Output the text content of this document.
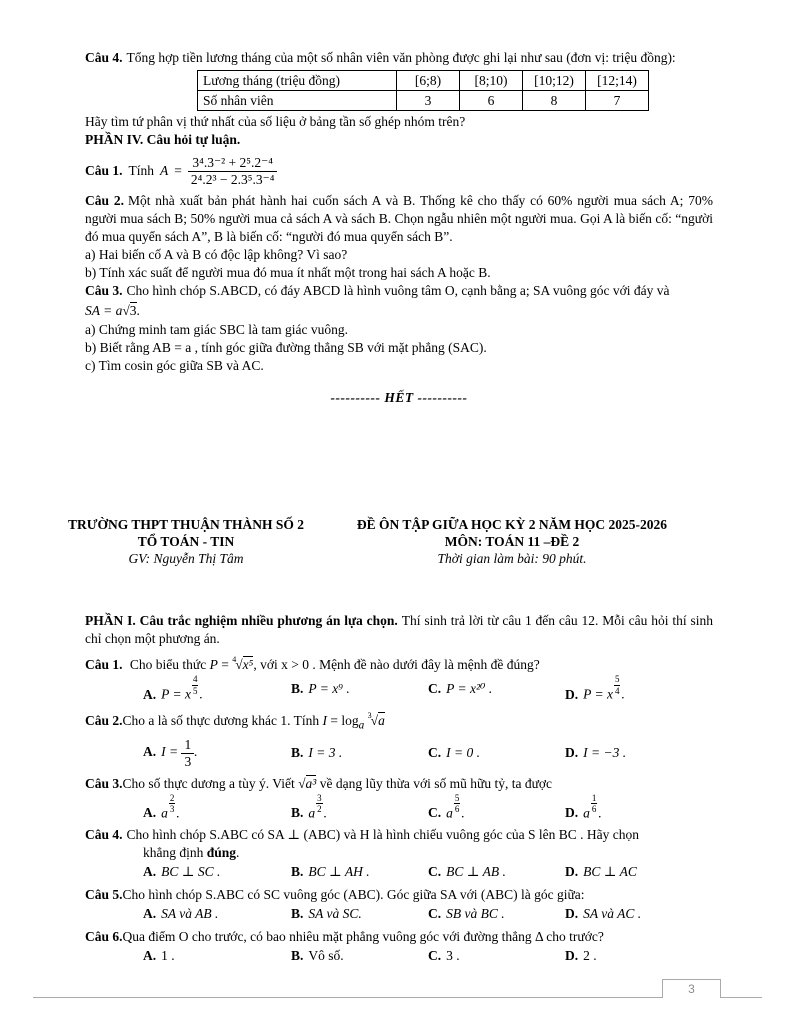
Câu 4. Tổng hợp tiền lương tháng của một số nhân viên văn phòng được ghi lại như sau (đơn vị: triệu đồng):

Lương tháng (triệu đồng)	[6;8)	[8;10)	[10;12)	[12;14)
Số nhân viên	3	6	8	7

Hãy tìm tứ phân vị thứ nhất của số liệu ở bảng tần số ghép nhóm trên?

PHẦN IV. Câu hỏi tự luận.

Câu 1. Tính $A = \frac{\text{3⁴.3⁻² + 2⁵.2⁻⁴}}{\text{2⁴.2³ − 2.3⁵.3⁻⁴}}$

Câu 2. Một nhà xuất bản phát hành hai cuốn sách A và B. Thống kê cho thấy có 60% người mua sách A; 70% người mua sách B; 50% người mua cả sách A và sách B. Chọn ngẫu nhiên một người mua. Gọi A là biến cố: “người đó mua quyển sách A”, B là biến cố: “người đó mua quyển sách B”.

a) Hai biến cố A và B có độc lập không? Vì sao?

b) Tính xác suất để người mua đó mua ít nhất một trong hai sách A hoặc B.

Câu 3. Cho hình chóp S.ABCD, có đáy ABCD là hình vuông tâm O, cạnh bằng a; SA vuông góc với đáy và

SA = a√3.

a) Chứng minh tam giác SBC là tam giác vuông.

b) Biết rằng AB = a , tính góc giữa đường thẳng SB với mặt phẳng (SAC).

c) Tìm cosin góc giữa SB và AC.

---------- HẾT ----------

TRƯỜNG THPT THUẬN THÀNH SỐ 2

TỔ TOÁN - TIN

GV: Nguyễn Thị Tâm

ĐỀ ÔN TẬP GIỮA HỌC KỲ 2 NĂM HỌC 2025-2026

MÔN: TOÁN 11 –ĐỀ 2

Thời gian làm bài: 90 phút.

PHẦN I. Câu trắc nghiệm nhiều phương án lựa chọn. Thí sinh trả lời từ câu 1 đến câu 12. Mỗi câu hỏi thí sinh chỉ chọn một phương án.

Câu 1. Cho biểu thức P = $^4$√x⁵, với x > 0 . Mệnh đề nào dưới đây là mệnh đề đúng?
A. P = x $\frac{4}{5}$ .	B. P = x⁹ .	C. P = x²⁰ .	D. P = x $\frac{5}{4}$ .
Câu 2.Cho a là số thực dương khác 1. Tính $I = \log_a ^3√a$
A. $I = \frac{1}{3}$ .	B. I = 3 .	C. I = 0 .	D. I = −3 .
Câu 3.Cho số thực dương a tùy ý. Viết √a³ về dạng lũy thừa với số mũ hữu tỷ, ta được
A. a $\frac{2}{3}$ .	B. a $\frac{3}{2}$ .	C. a $\frac{5}{6}$ .	D. a $\frac{1}{6}$ .
Câu 4. Cho hình chóp S.ABC có SA ⊥ (ABC) và H là hình chiếu vuông góc của S lên BC . Hãy chọn
khẳng định đúng.
A. BC ⊥ SC .	B. BC ⊥ AH .	C. BC ⊥ AB .	D. BC ⊥ AC
Câu 5.Cho hình chóp S.ABC có SC vuông góc (ABC). Góc giữa SA với (ABC) là góc giữa:
A. SA và AB .	B. SA và SC.	C. SB và BC .	D. SA và AC .
Câu 6.Qua điểm O cho trước, có bao nhiêu mặt phẳng vuông góc với đường thẳng Δ cho trước?
A. 1 .	B. Vô số.	C. 3 .	D. 2 .
3
